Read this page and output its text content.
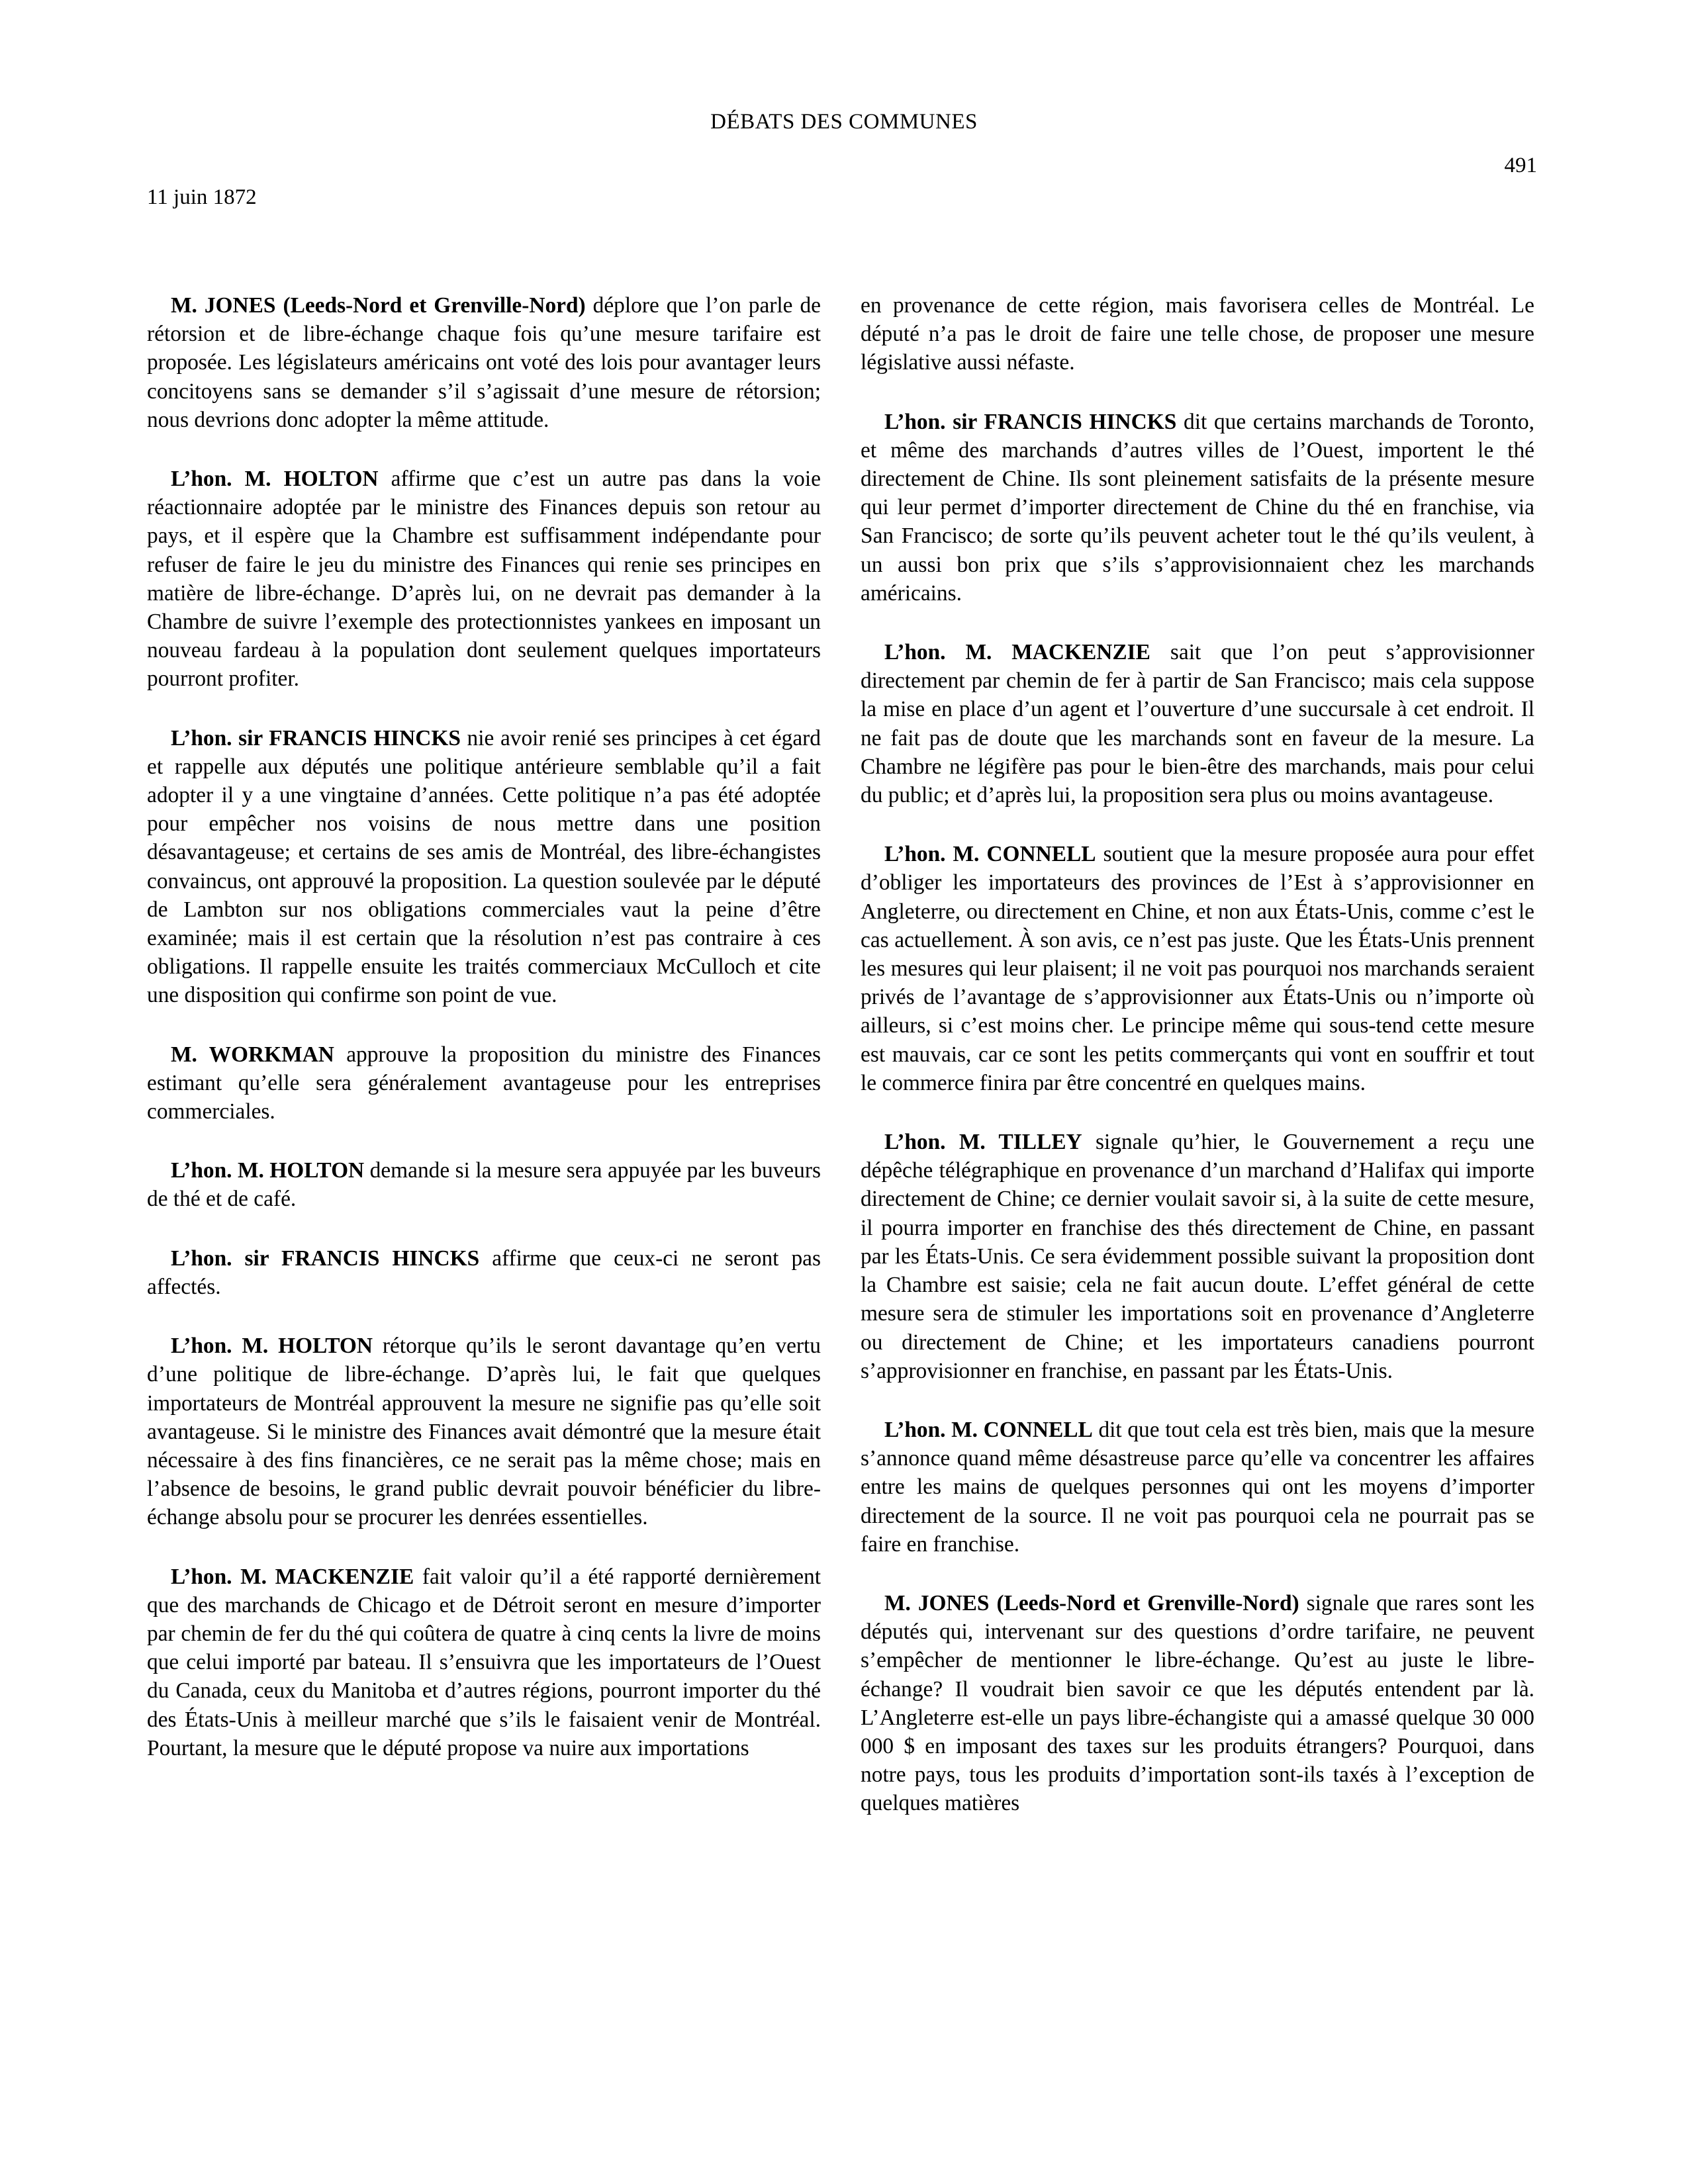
DÉBATS DES COMMUNES
11 juin 1872
491

M. JONES (Leeds-Nord et Grenville-Nord) déplore que l’on parle de rétorsion et de libre-échange chaque fois qu’une mesure tarifaire est proposée. Les législateurs américains ont voté des lois pour avantager leurs concitoyens sans se demander s’il s’agissait d’une mesure de rétorsion; nous devrions donc adopter la même attitude.

L’hon. M. HOLTON affirme que c’est un autre pas dans la voie réactionnaire adoptée par le ministre des Finances depuis son retour au pays, et il espère que la Chambre est suffisamment indépendante pour refuser de faire le jeu du ministre des Finances qui renie ses principes en matière de libre-échange. D’après lui, on ne devrait pas demander à la Chambre de suivre l’exemple des protectionnistes yankees en imposant un nouveau fardeau à la population dont seulement quelques importateurs pourront profiter.

L’hon. sir FRANCIS HINCKS nie avoir renié ses principes à cet égard et rappelle aux députés une politique antérieure semblable qu’il a fait adopter il y a une vingtaine d’années. Cette politique n’a pas été adoptée pour empêcher nos voisins de nous mettre dans une position désavantageuse; et certains de ses amis de Montréal, des libre-échangistes convaincus, ont approuvé la proposition. La question soulevée par le député de Lambton sur nos obligations commerciales vaut la peine d’être examinée; mais il est certain que la résolution n’est pas contraire à ces obligations. Il rappelle ensuite les traités commerciaux McCulloch et cite une disposition qui confirme son point de vue.

M. WORKMAN approuve la proposition du ministre des Finances estimant qu’elle sera généralement avantageuse pour les entreprises commerciales.

L’hon. M. HOLTON demande si la mesure sera appuyée par les buveurs de thé et de café.

L’hon. sir FRANCIS HINCKS affirme que ceux-ci ne seront pas affectés.

L’hon. M. HOLTON rétorque qu’ils le seront davantage qu’en vertu d’une politique de libre-échange. D’après lui, le fait que quelques importateurs de Montréal approuvent la mesure ne signifie pas qu’elle soit avantageuse. Si le ministre des Finances avait démontré que la mesure était nécessaire à des fins financières, ce ne serait pas la même chose; mais en l’absence de besoins, le grand public devrait pouvoir bénéficier du libre-échange absolu pour se procurer les denrées essentielles.

L’hon. M. MACKENZIE fait valoir qu’il a été rapporté dernièrement que des marchands de Chicago et de Détroit seront en mesure d’importer par chemin de fer du thé qui coûtera de quatre à cinq cents la livre de moins que celui importé par bateau. Il s’ensuivra que les importateurs de l’Ouest du Canada, ceux du Manitoba et d’autres régions, pourront importer du thé des États-Unis à meilleur marché que s’ils le faisaient venir de Montréal. Pourtant, la mesure que le député propose va nuire aux importations

en provenance de cette région, mais favorisera celles de Montréal. Le député n’a pas le droit de faire une telle chose, de proposer une mesure législative aussi néfaste.

L’hon. sir FRANCIS HINCKS dit que certains marchands de Toronto, et même des marchands d’autres villes de l’Ouest, importent le thé directement de Chine. Ils sont pleinement satisfaits de la présente mesure qui leur permet d’importer directement de Chine du thé en franchise, via San Francisco; de sorte qu’ils peuvent acheter tout le thé qu’ils veulent, à un aussi bon prix que s’ils s’approvisionnaient chez les marchands américains.

L’hon. M. MACKENZIE sait que l’on peut s’approvisionner directement par chemin de fer à partir de San Francisco; mais cela suppose la mise en place d’un agent et l’ouverture d’une succursale à cet endroit. Il ne fait pas de doute que les marchands sont en faveur de la mesure. La Chambre ne légifère pas pour le bien-être des marchands, mais pour celui du public; et d’après lui, la proposition sera plus ou moins avantageuse.

L’hon. M. CONNELL soutient que la mesure proposée aura pour effet d’obliger les importateurs des provinces de l’Est à s’approvisionner en Angleterre, ou directement en Chine, et non aux États-Unis, comme c’est le cas actuellement. À son avis, ce n’est pas juste. Que les États-Unis prennent les mesures qui leur plaisent; il ne voit pas pourquoi nos marchands seraient privés de l’avantage de s’approvisionner aux États-Unis ou n’importe où ailleurs, si c’est moins cher. Le principe même qui sous-tend cette mesure est mauvais, car ce sont les petits commerçants qui vont en souffrir et tout le commerce finira par être concentré en quelques mains.

L’hon. M. TILLEY signale qu’hier, le Gouvernement a reçu une dépêche télégraphique en provenance d’un marchand d’Halifax qui importe directement de Chine; ce dernier voulait savoir si, à la suite de cette mesure, il pourra importer en franchise des thés directement de Chine, en passant par les États-Unis. Ce sera évidemment possible suivant la proposition dont la Chambre est saisie; cela ne fait aucun doute. L’effet général de cette mesure sera de stimuler les importations soit en provenance d’Angleterre ou directement de Chine; et les importateurs canadiens pourront s’approvisionner en franchise, en passant par les États-Unis.

L’hon. M. CONNELL dit que tout cela est très bien, mais que la mesure s’annonce quand même désastreuse parce qu’elle va concentrer les affaires entre les mains de quelques personnes qui ont les moyens d’importer directement de la source. Il ne voit pas pourquoi cela ne pourrait pas se faire en franchise.

M. JONES (Leeds-Nord et Grenville-Nord) signale que rares sont les députés qui, intervenant sur des questions d’ordre tarifaire, ne peuvent s’empêcher de mentionner le libre-échange. Qu’est au juste le libre-échange? Il voudrait bien savoir ce que les députés entendent par là. L’Angleterre est-elle un pays libre-échangiste qui a amassé quelque 30 000 000 $ en imposant des taxes sur les produits étrangers? Pourquoi, dans notre pays, tous les produits d’importation sont-ils taxés à l’exception de quelques matières
